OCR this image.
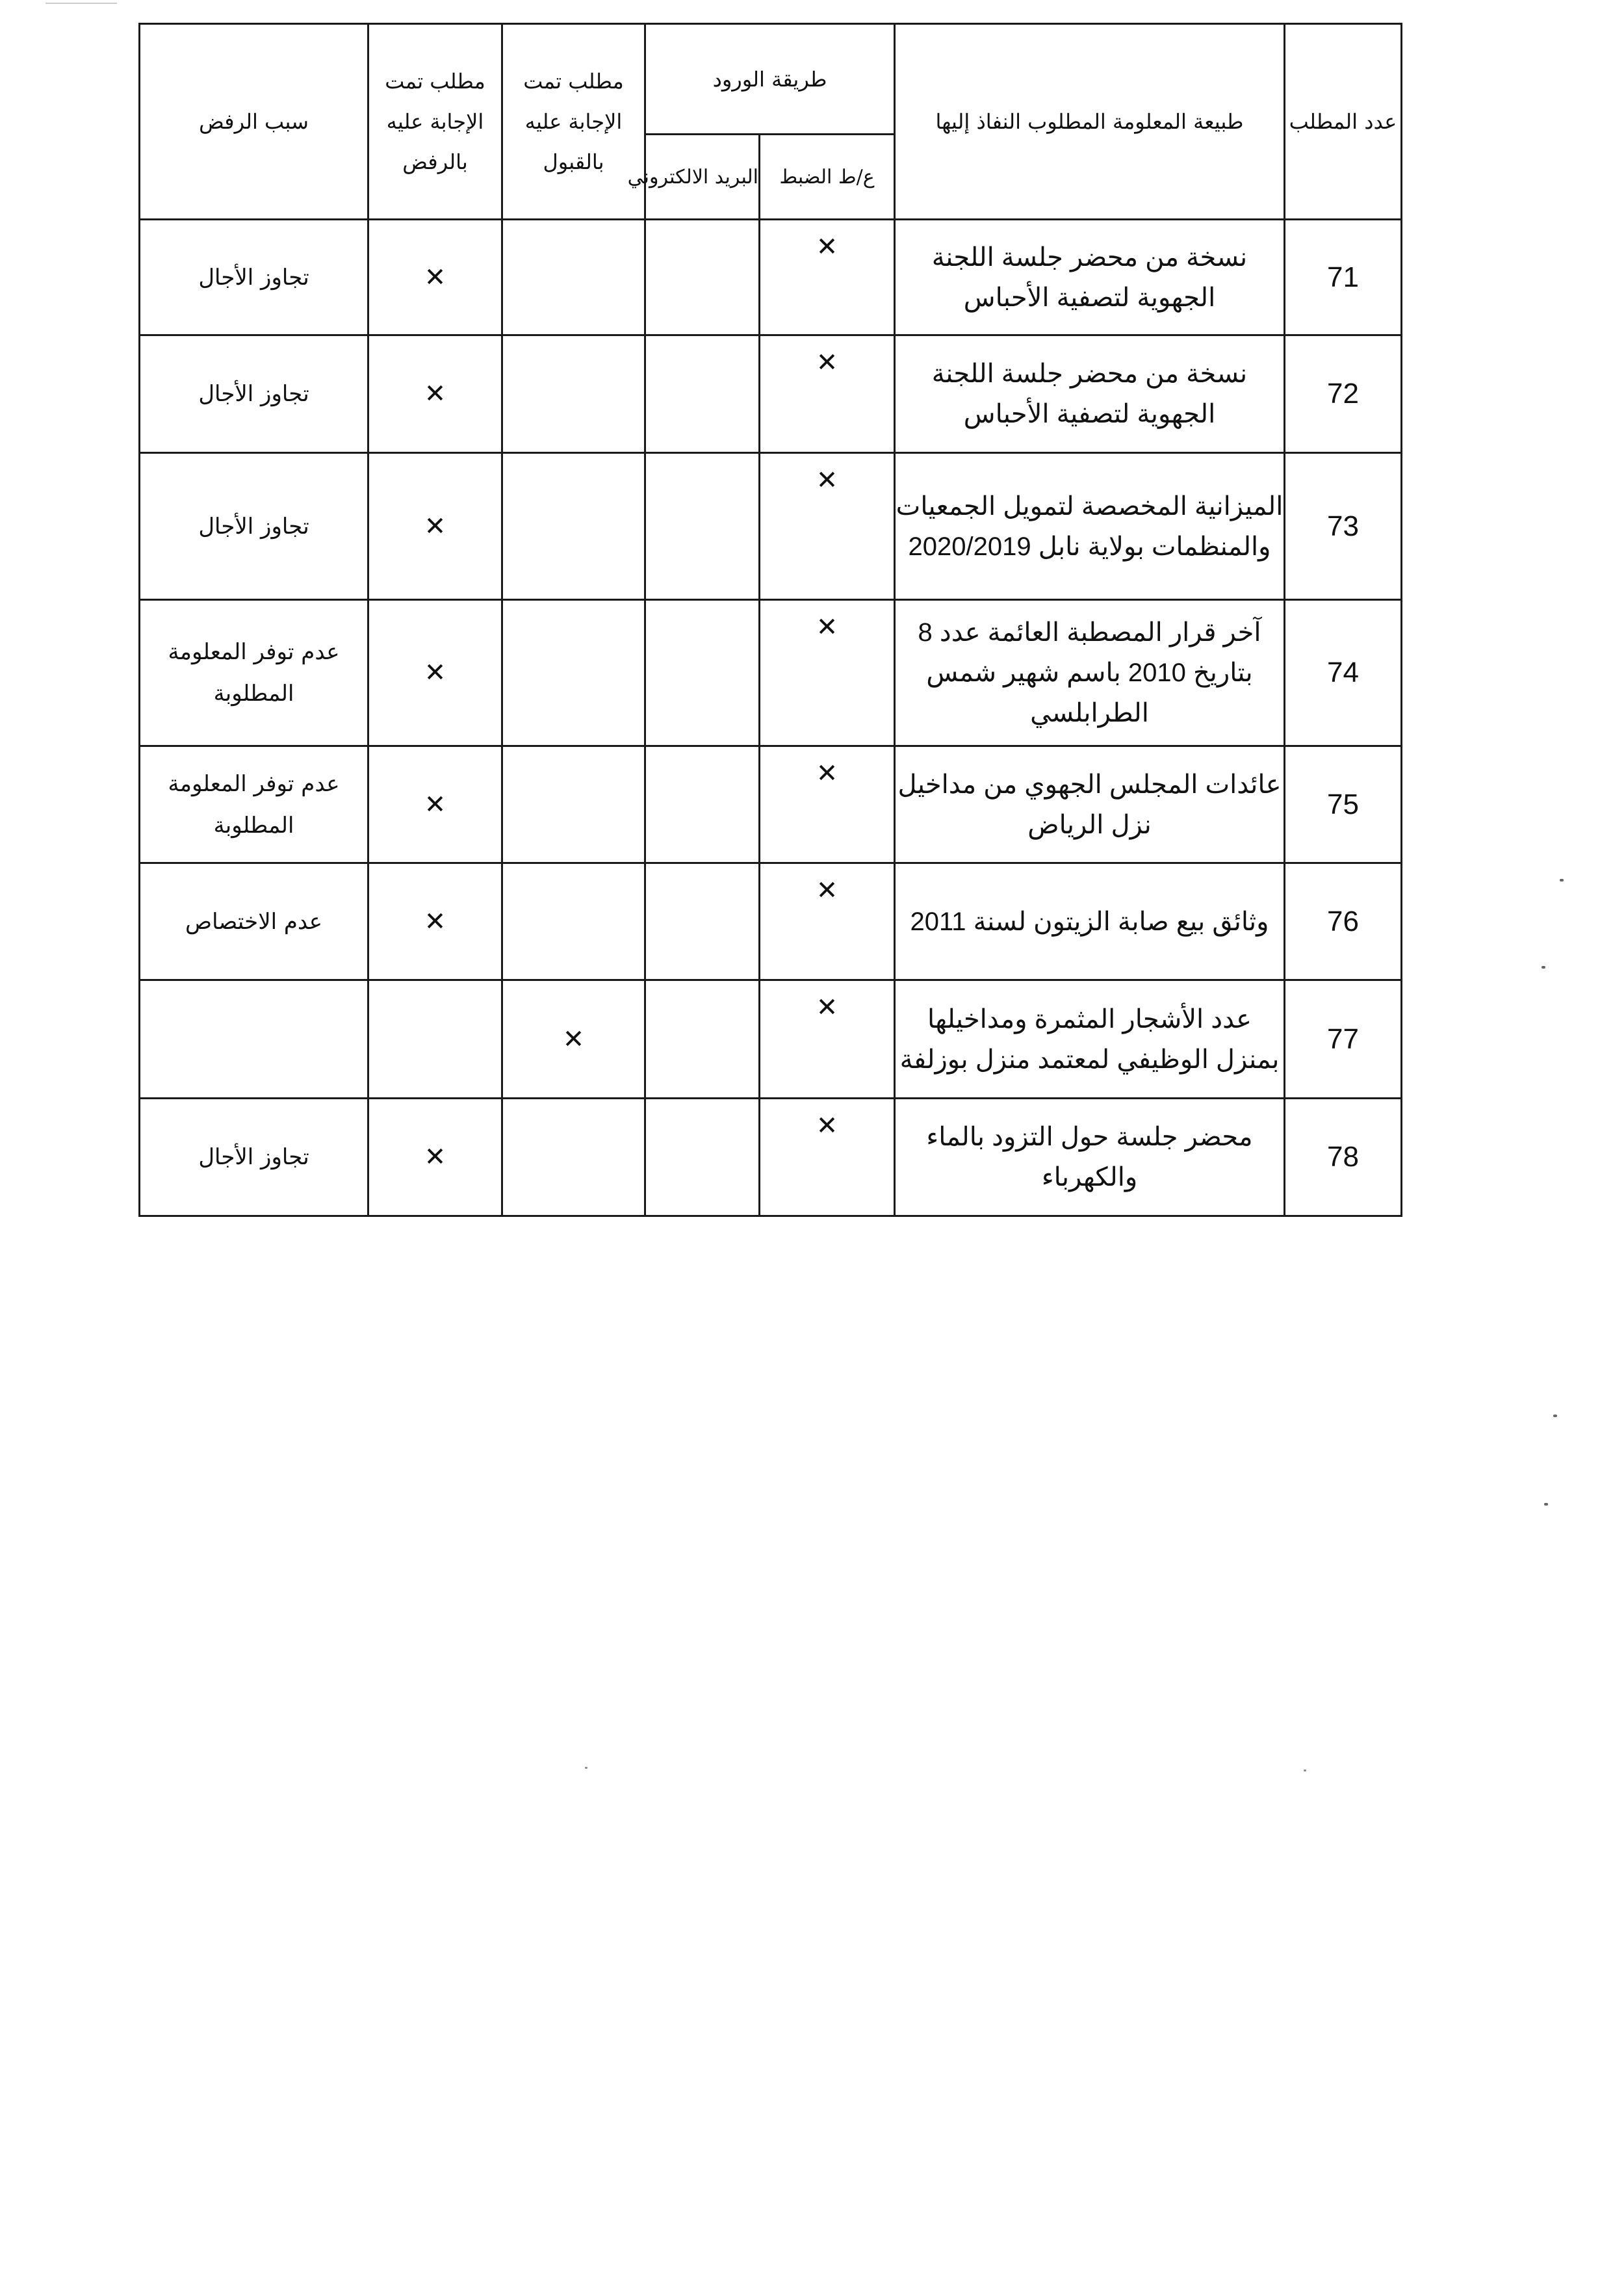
سبب الرفض	مطلب تمت الإجابة عليه بالرفض	مطلب تمت الإجابة عليه بالقبول	طريقة الورود		طبيعة المعلومة المطلوب النفاذ إليها	عدد المطلب
			البريد الالكتروني	ع/ط الضبط		
تجاوز الأجال	✕			✕	نسخة من محضر جلسة اللجنة الجهوية لتصفية الأحباس	71
تجاوز الأجال	✕			✕	نسخة من محضر جلسة اللجنة الجهوية لتصفية الأحباس	72
تجاوز الأجال	✕			✕	الميزانية المخصصة لتمويل الجمعيات والمنظمات بولاية نابل 2020/2019	73
عدم توفر المعلومة المطلوبة	✕			✕	آخر قرار المصطبة العائمة عدد 8 بتاريخ 2010 باسم شهير شمس الطرابلسي	74
عدم توفر المعلومة المطلوبة	✕			✕	عائدات المجلس الجهوي من مداخيل نزل الرياض	75
عدم الاختصاص	✕			✕	وثائق بيع صابة الزيتون لسنة 2011	76
		✕		✕	عدد الأشجار المثمرة ومداخيلها بمنزل الوظيفي لمعتمد منزل بوزلفة	77
تجاوز الأجال	✕			✕	محضر جلسة حول التزود بالماء والكهرباء	78
